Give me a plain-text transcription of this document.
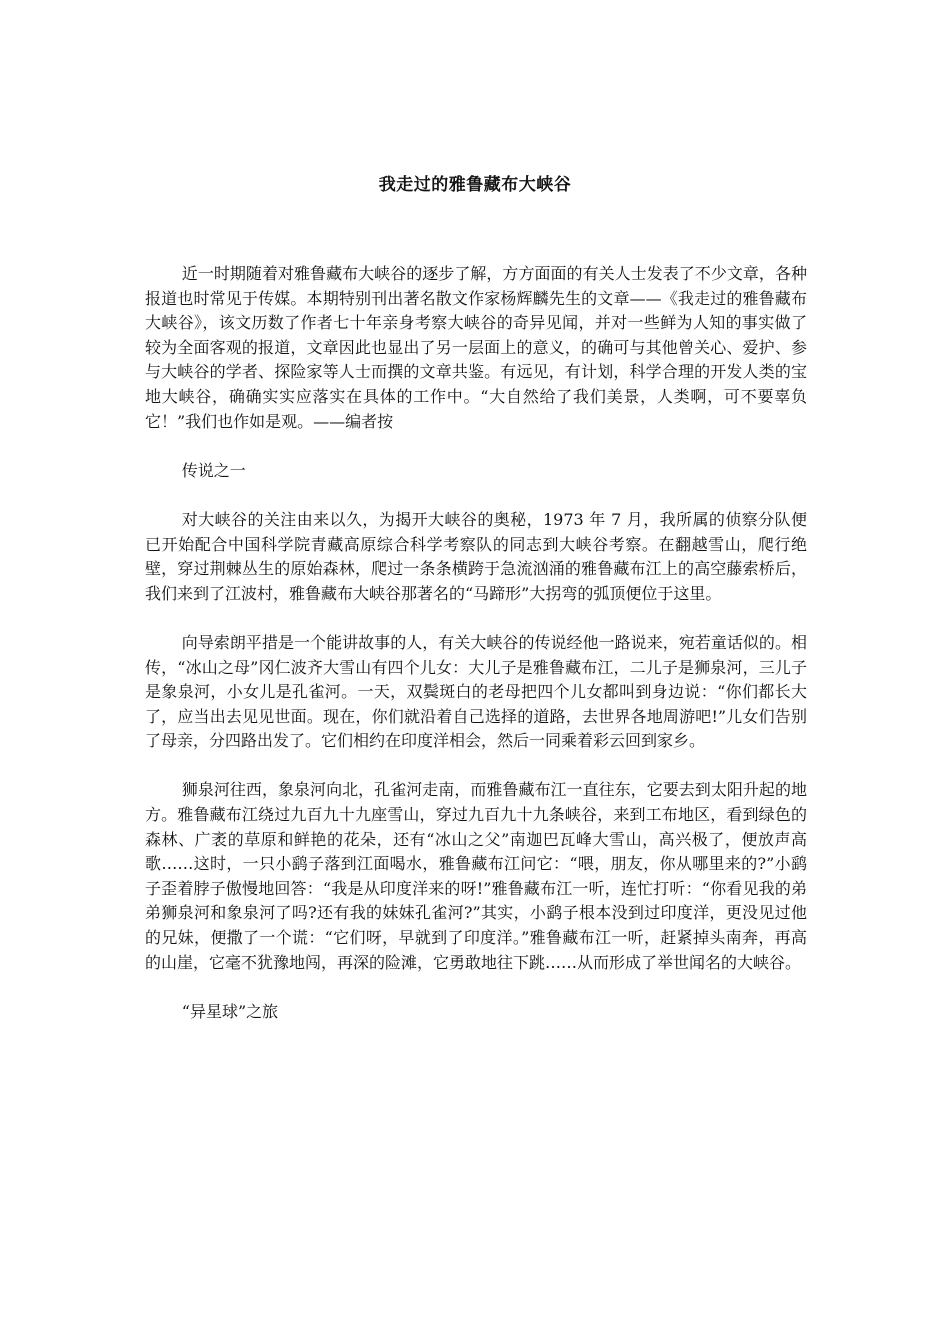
我走过的雅鲁藏布大峡谷

近一时期随着对雅鲁藏布大峡谷的逐步了解，方方面面的有关人士发表了不少文章，各种报道也时常见于传媒。本期特别刊出著名散文作家杨辉麟先生的文章——《我走过的雅鲁藏布大峡谷》，该文历数了作者七十年亲身考察大峡谷的奇异见闻，并对一些鲜为人知的事实做了较为全面客观的报道，文章因此也显出了另一层面上的意义，的确可与其他曾关心、爱护、参与大峡谷的学者、探险家等人士而撰的文章共鉴。有远见，有计划，科学合理的开发人类的宝地大峡谷，确确实实应落实在具体的工作中。“大自然给了我们美景，人类啊，可不要辜负它！”我们也作如是观。——编者按

传说之一

对大峡谷的关注由来以久，为揭开大峡谷的奥秘，1973 年 7 月，我所属的侦察分队便已开始配合中国科学院青藏高原综合科学考察队的同志到大峡谷考察。在翻越雪山，爬行绝壁，穿过荆棘丛生的原始森林，爬过一条条横跨于急流汹涌的雅鲁藏布江上的高空藤索桥后，我们来到了江波村，雅鲁藏布大峡谷那著名的“马蹄形”大拐弯的弧顶便位于这里。

向导索朗平措是一个能讲故事的人，有关大峡谷的传说经他一路说来，宛若童话似的。相传，“冰山之母”冈仁波齐大雪山有四个儿女：大儿子是雅鲁藏布江，二儿子是狮泉河，三儿子是象泉河，小女儿是孔雀河。一天，双鬓斑白的老母把四个儿女都叫到身边说：“你们都长大了，应当出去见见世面。现在，你们就沿着自己选择的道路，去世界各地周游吧!”儿女们告别了母亲，分四路出发了。它们相约在印度洋相会，然后一同乘着彩云回到家乡。

狮泉河往西，象泉河向北，孔雀河走南，而雅鲁藏布江一直往东，它要去到太阳升起的地方。雅鲁藏布江绕过九百九十九座雪山，穿过九百九十九条峡谷，来到工布地区，看到绿色的森林、广袤的草原和鲜艳的花朵，还有“冰山之父”南迦巴瓦峰大雪山，高兴极了，便放声高歌……这时，一只小鹞子落到江面喝水，雅鲁藏布江问它：“喂，朋友，你从哪里来的?”小鹞子歪着脖子傲慢地回答：“我是从印度洋来的呀!”雅鲁藏布江一听，连忙打听：“你看见我的弟弟狮泉河和象泉河了吗?还有我的妹妹孔雀河?”其实，小鹞子根本没到过印度洋，更没见过他的兄妹，便撒了一个谎：“它们呀，早就到了印度洋。”雅鲁藏布江一听，赶紧掉头南奔，再高的山崖，它毫不犹豫地闯，再深的险滩，它勇敢地往下跳……从而形成了举世闻名的大峡谷。

“异星球”之旅
